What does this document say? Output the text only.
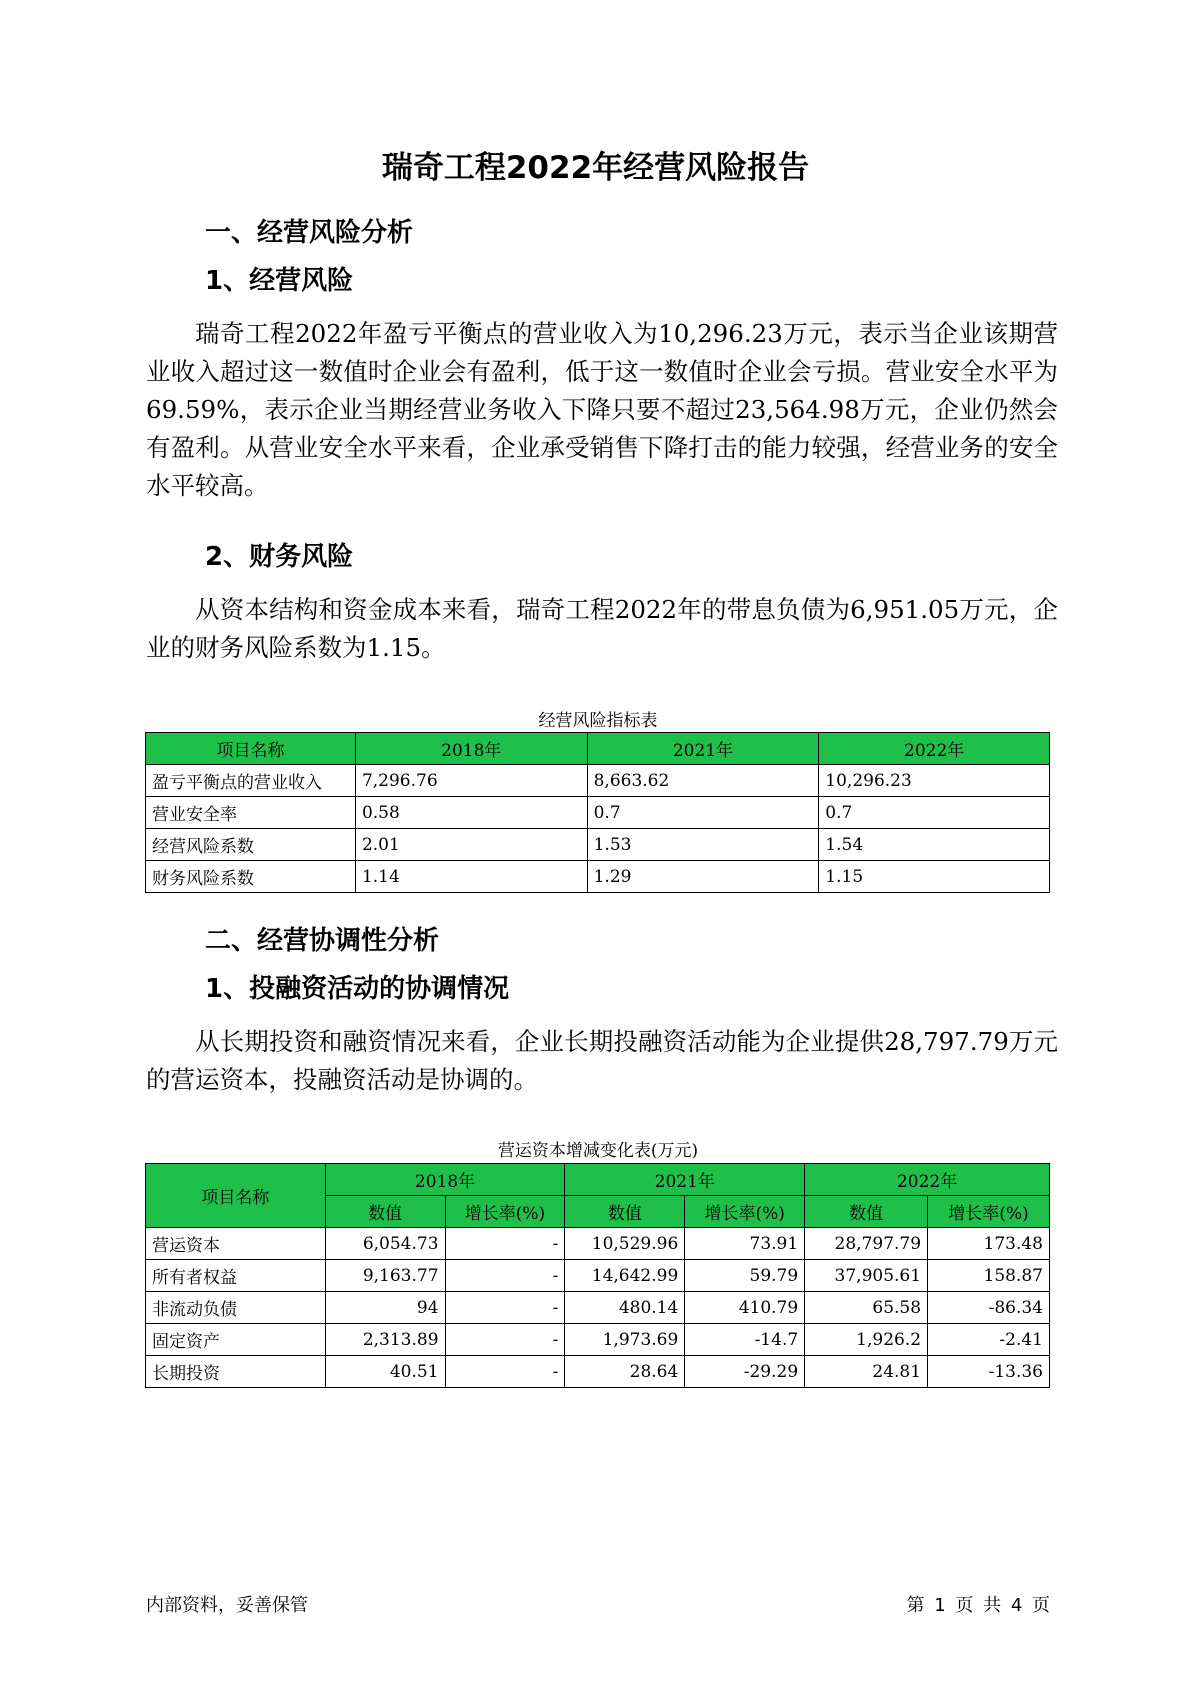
瑞奇工程2022年经营风险报告
一、经营风险分析
1、经营风险

瑞奇工程2022年盈亏平衡点的营业收入为10,296.23万元，表示当企业该期营业收入超过这一数值时企业会有盈利，低于这一数值时企业会亏损。营业安全水平为69.59%，表示企业当期经营业务收入下降只要不超过23,564.98万元，企业仍然会有盈利。从营业安全水平来看，企业承受销售下降打击的能力较强，经营业务的安全水平较高。

2、财务风险

从资本结构和资金成本来看，瑞奇工程2022年的带息负债为6,951.05万元，企业的财务风险系数为1.15。

经营风险指标表
项目名称	2018年	2021年	2022年
盈亏平衡点的营业收入	7,296.76	8,663.62	10,296.23
营业安全率	0.58	0.7	0.7
经营风险系数	2.01	1.53	1.54
财务风险系数	1.14	1.29	1.15
二、经营协调性分析
1、投融资活动的协调情况

从长期投资和融资情况来看，企业长期投融资活动能为企业提供28,797.79万元的营运资本，投融资活动是协调的。

营运资本增减变化表(万元)
项目名称	2018年		2021年		2022年	
	数值	增长率(%)	数值	增长率(%)	数值	增长率(%)
营运资本	6,054.73	-	10,529.96	73.91	28,797.79	173.48
所有者权益	9,163.77	-	14,642.99	59.79	37,905.61	158.87
非流动负债	94	-	480.14	410.79	65.58	-86.34
固定资产	2,313.89	-	1,973.69	-14.7	1,926.2	-2.41
长期投资	40.51	-	28.64	-29.29	24.81	-13.36
内部资料，妥善保管	第 1 页 共 4 页
